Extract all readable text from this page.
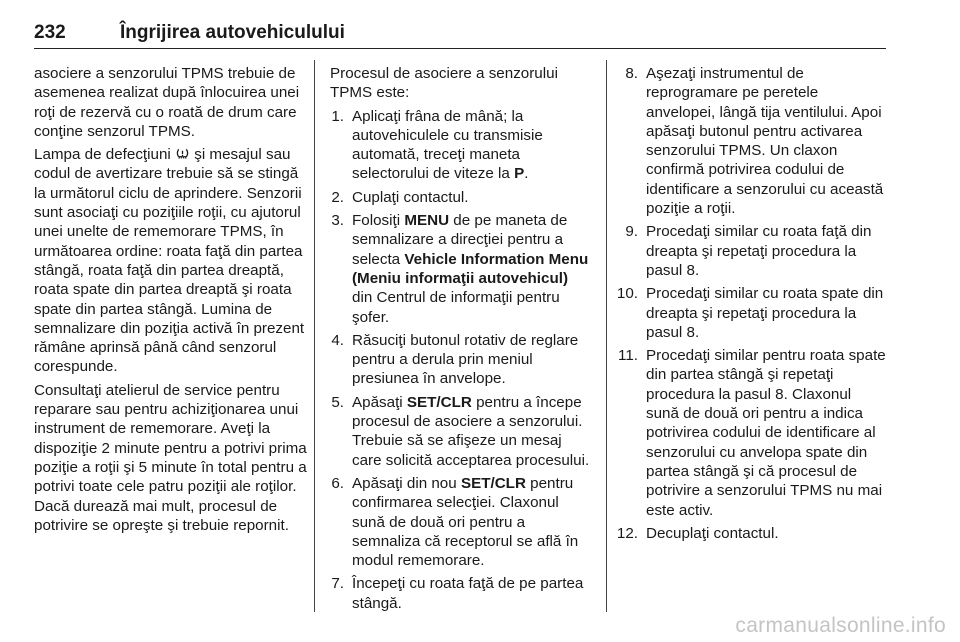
232	Îngrijirea autovehiculului

asociere a senzorului TPMS trebuie de asemenea realizat după înlocuirea unei roţi de rezervă cu o roată de drum care conţine senzorul TPMS.

Lampa de defecţiuni  şi mesajul sau codul de avertizare trebuie să se stingă la următorul ciclu de aprindere. Senzorii sunt asociaţi cu poziţiile roţii, cu ajutorul unei unelte de rememorare TPMS, în următoarea ordine: roata faţă din partea stângă, roata faţă din partea dreaptă, roata spate din partea dreaptă şi roata spate din partea stângă. Lumina de semnalizare din poziţia activă în prezent rămâne aprinsă până când senzorul corespunde.

Consultaţi atelierul de service pentru reparare sau pentru achiziţionarea unui instrument de rememorare. Aveţi la dispoziţie 2 minute pentru a potrivi prima poziţie a roţii şi 5 minute în total pentru a potrivi toate cele patru poziţii ale roţilor. Dacă durează mai mult, procesul de potrivire se opreşte şi trebuie repornit.

Procesul de asociere a senzorului TPMS este:

1. Aplicaţi frâna de mână; la autovehiculele cu transmisie automată, treceţi maneta selectorului de viteze la P.
2. Cuplaţi contactul.
3. Folosiţi MENU de pe maneta de semnalizare a direcţiei pentru a selecta Vehicle Information Menu (Meniu informaţii autovehicul) din Centrul de informaţii pentru şofer.
4. Răsuciţi butonul rotativ de reglare pentru a derula prin meniul presiunea în anvelope.
5. Apăsaţi SET/CLR pentru a începe procesul de asociere a senzorului. Trebuie să se afişeze un mesaj care solicită acceptarea procesului.
6. Apăsaţi din nou SET/CLR pentru confirmarea selecţiei. Claxonul sună de două ori pentru a semnaliza că receptorul se află în modul rememorare.
7. Începeţi cu roata faţă de pe partea stângă.
8. Aşezaţi instrumentul de reprogramare pe peretele anvelopei, lângă tija ventilului. Apoi apăsaţi butonul pentru activarea senzorului TPMS. Un claxon confirmă potrivirea codului de identificare a senzorului cu această poziţie a roţii.
9. Procedaţi similar cu roata faţă din dreapta şi repetaţi procedura la pasul 8.
10. Procedaţi similar cu roata spate din dreapta şi repetaţi procedura la pasul 8.
11. Procedaţi similar pentru roata spate din partea stângă şi repetaţi procedura la pasul 8. Claxonul sună de două ori pentru a indica potrivirea codului de identificare al senzorului cu anvelopa spate din partea stângă şi că procesul de potrivire a senzorului TPMS nu mai este activ.
12. Decuplaţi contactul.
carmanualsonline.info
